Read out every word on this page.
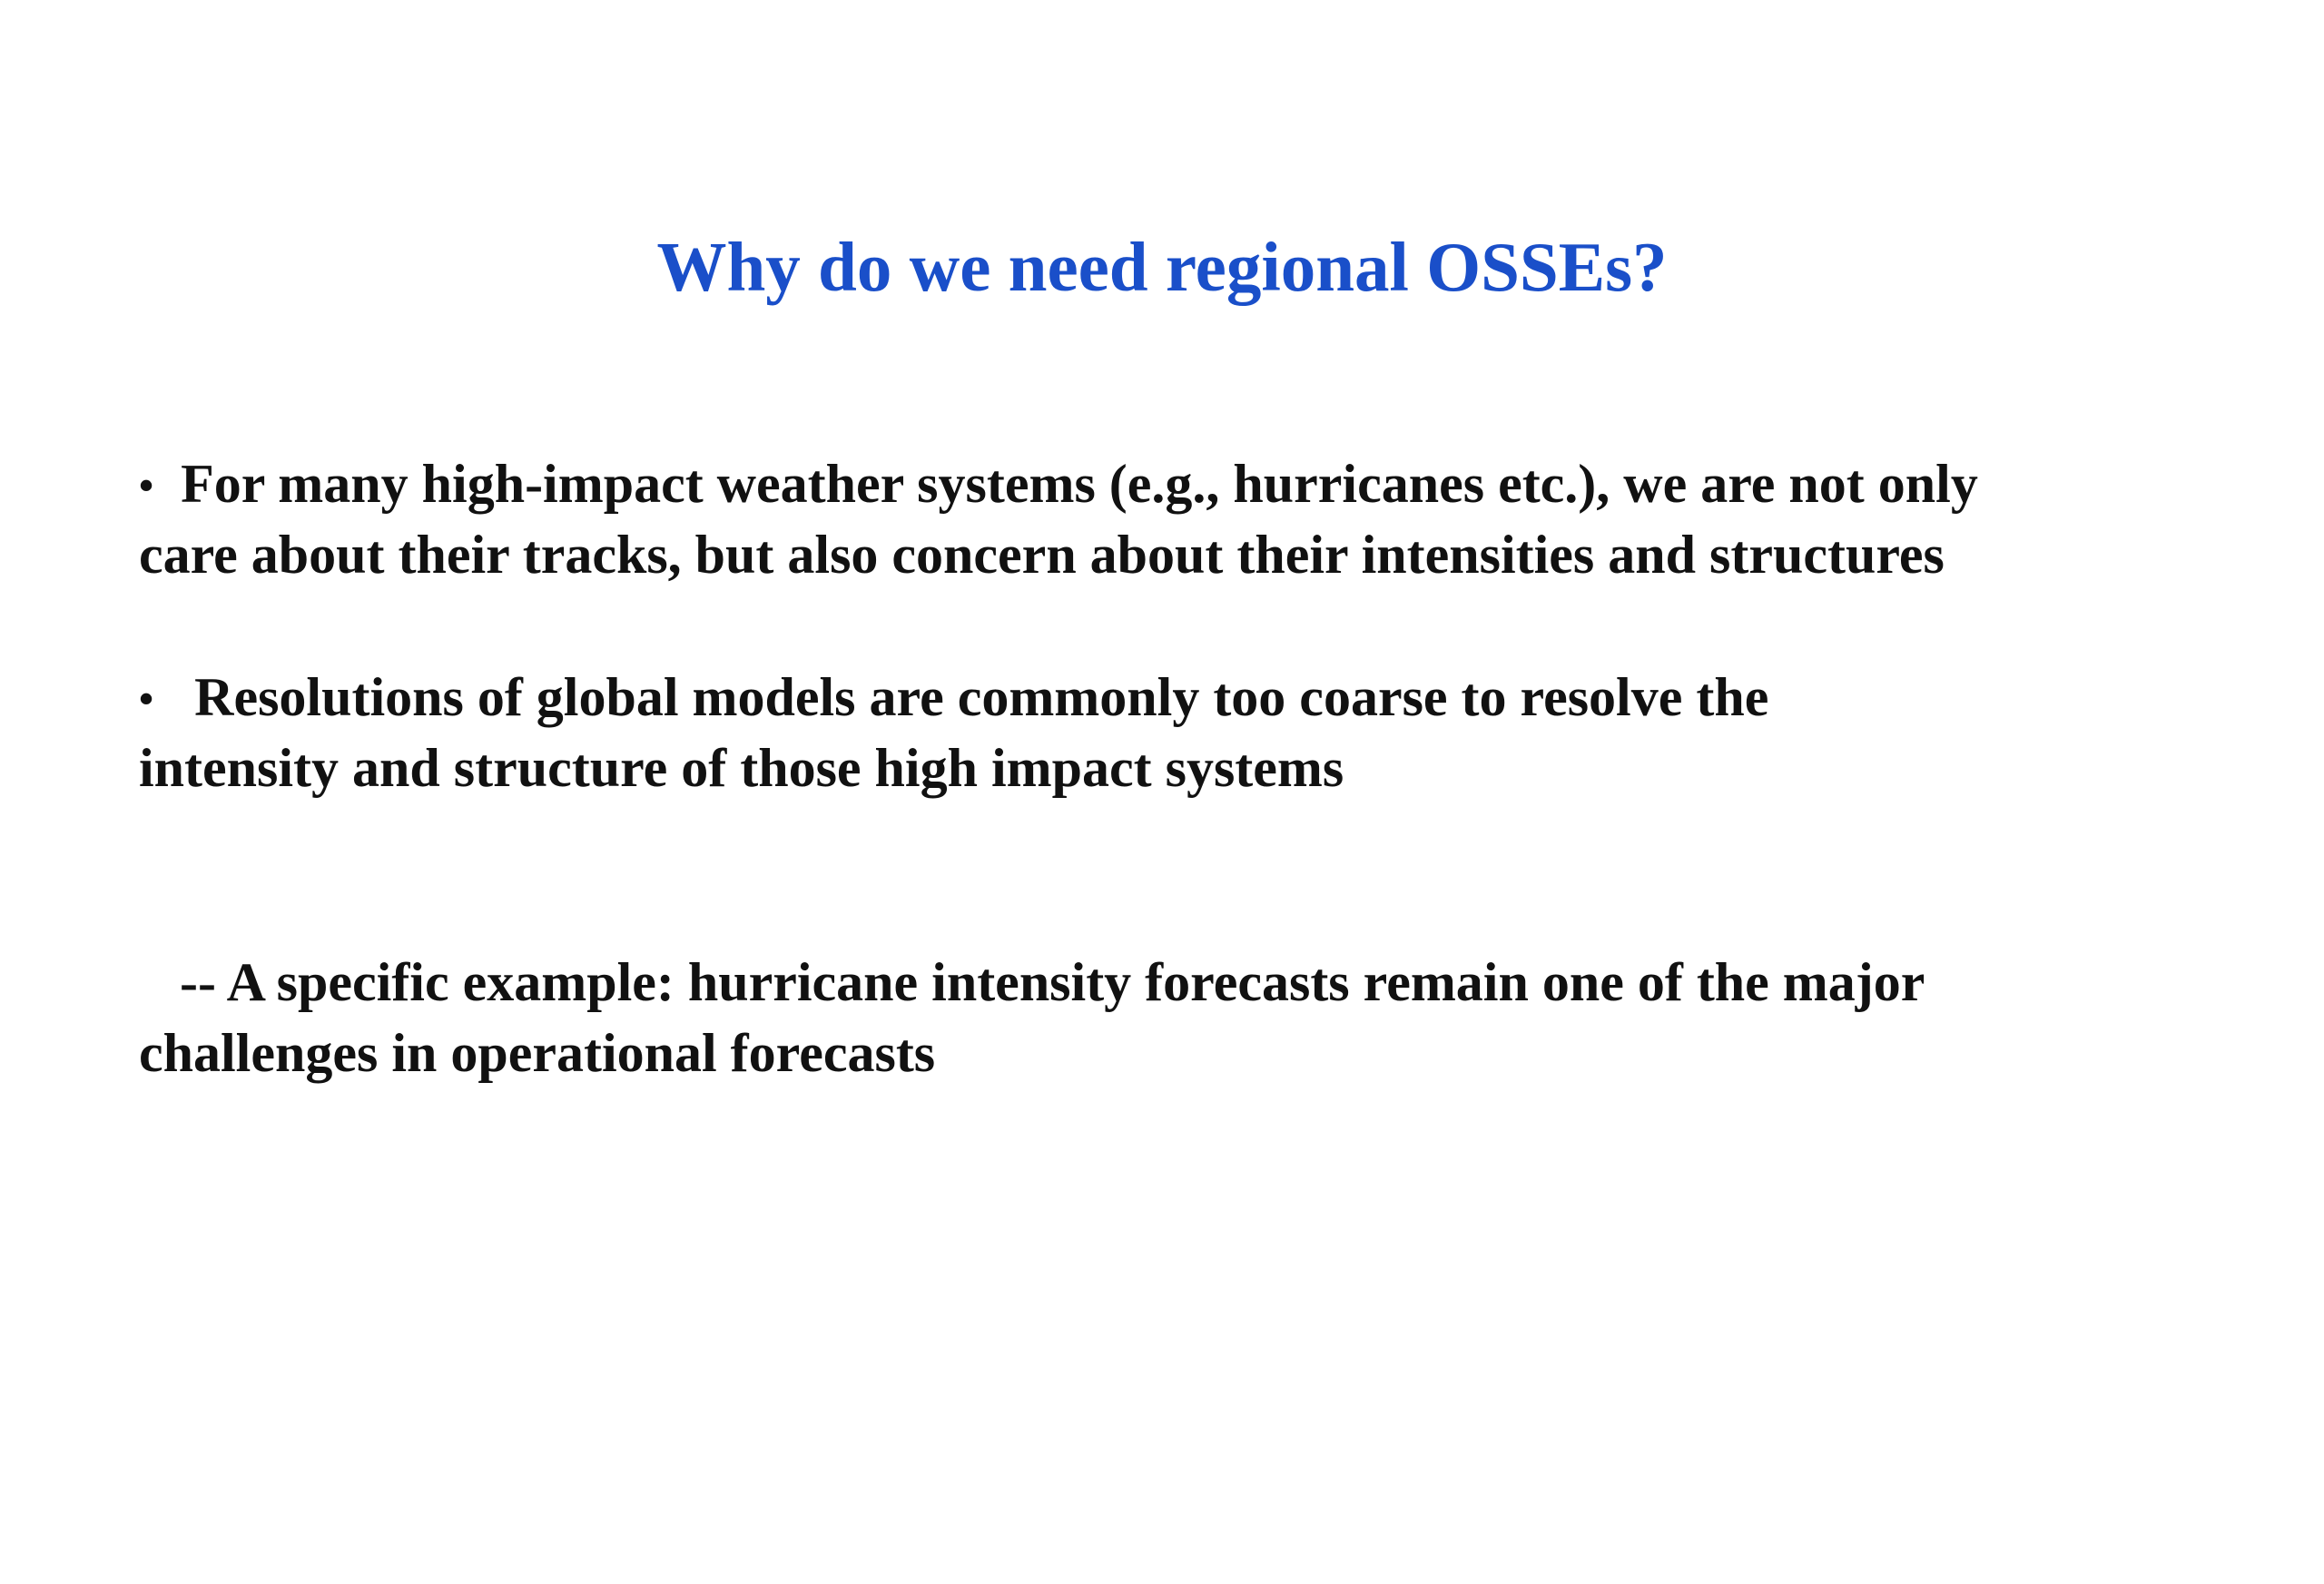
Why do we need regional OSSEs?
• For many high-impact weather systems (e.g., hurricanes etc.), we are not only
care about their tracks, but also concern about their intensities and structures
• Resolutions of global models are commonly too coarse to resolve the
intensity and structure of those high impact systems
-- A specific example: hurricane intensity forecasts remain one of the major
challenges in operational forecasts
